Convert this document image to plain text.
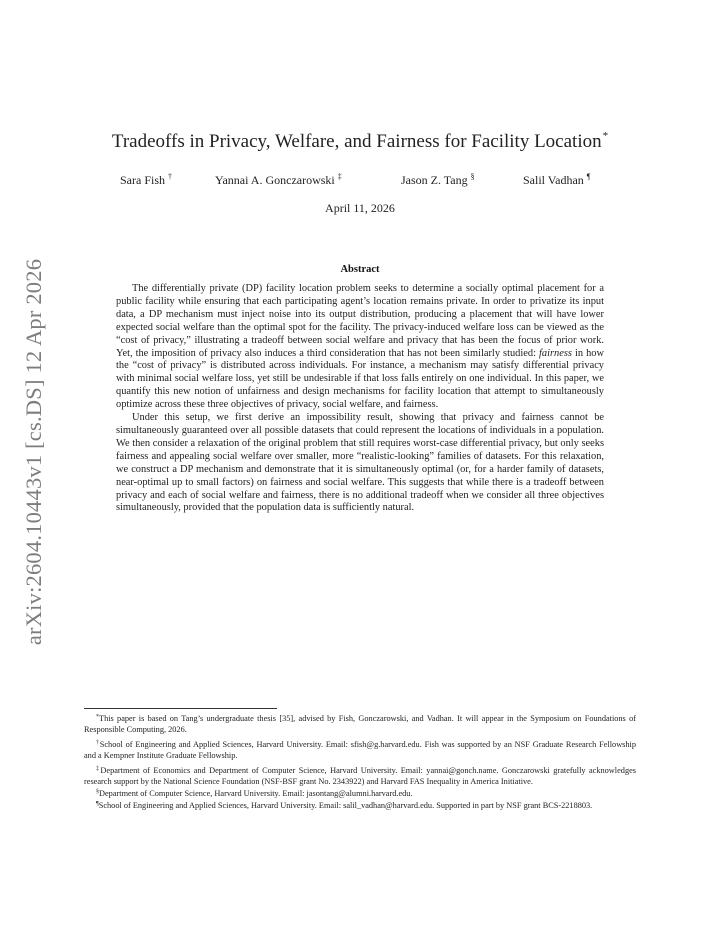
arXiv:2604.10443v1 [cs.DS] 12 Apr 2026
Tradeoffs in Privacy, Welfare, and Fairness for Facility Location*
Sara Fish †	Yannai A. Gonczarowski ‡	Jason Z. Tang §	Salil Vadhan ¶
April 11, 2026
Abstract

The differentially private (DP) facility location problem seeks to determine a socially optimal placement for a public facility while ensuring that each participating agent’s location remains private. In order to privatize its input data, a DP mechanism must inject noise into its output distribution, producing a placement that will have lower expected social welfare than the optimal spot for the facility. The privacy-induced welfare loss can be viewed as the “cost of privacy,” illustrating a tradeoff between social welfare and privacy that has been the focus of prior work. Yet, the imposition of privacy also induces a third consideration that has not been similarly studied: fairness in how the “cost of privacy” is distributed across individuals. For instance, a mechanism may satisfy differential privacy with minimal social welfare loss, yet still be undesirable if that loss falls entirely on one individual. In this paper, we quantify this new notion of unfairness and design mechanisms for facility location that attempt to simultaneously optimize across these three objectives of privacy, social welfare, and fairness.

Under this setup, we first derive an impossibility result, showing that privacy and fairness cannot be simultaneously guaranteed over all possible datasets that could represent the locations of individuals in a population. We then consider a relaxation of the original problem that still requires worst-case differential privacy, but only seeks fairness and appealing social welfare over smaller, more “realistic-looking” families of datasets. For this relaxation, we construct a DP mechanism and demonstrate that it is simultaneously optimal (or, for a harder family of datasets, near-optimal up to small factors) on fairness and social welfare. This suggests that while there is a tradeoff between privacy and each of social welfare and fairness, there is no additional tradeoff when we consider all three objectives simultaneously, provided that the population data is sufficiently natural.

*This paper is based on Tang’s undergraduate thesis [35], advised by Fish, Gonczarowski, and Vadhan. It will appear in the Symposium on Foundations of Responsible Computing, 2026.

†School of Engineering and Applied Sciences, Harvard University. Email: sfish@g.harvard.edu. Fish was supported by an NSF Graduate Research Fellowship and a Kempner Institute Graduate Fellowship.

‡Department of Economics and Department of Computer Science, Harvard University. Email: yannai@gonch.name. Gonczarowski gratefully acknowledges research support by the National Science Foundation (NSF-BSF grant No. 2343922) and Harvard FAS Inequality in America Initiative.

§Department of Computer Science, Harvard University. Email: jasontang@alumni.harvard.edu.

¶School of Engineering and Applied Sciences, Harvard University. Email: salil_vadhan@harvard.edu. Supported in part by NSF grant BCS-2218803.
